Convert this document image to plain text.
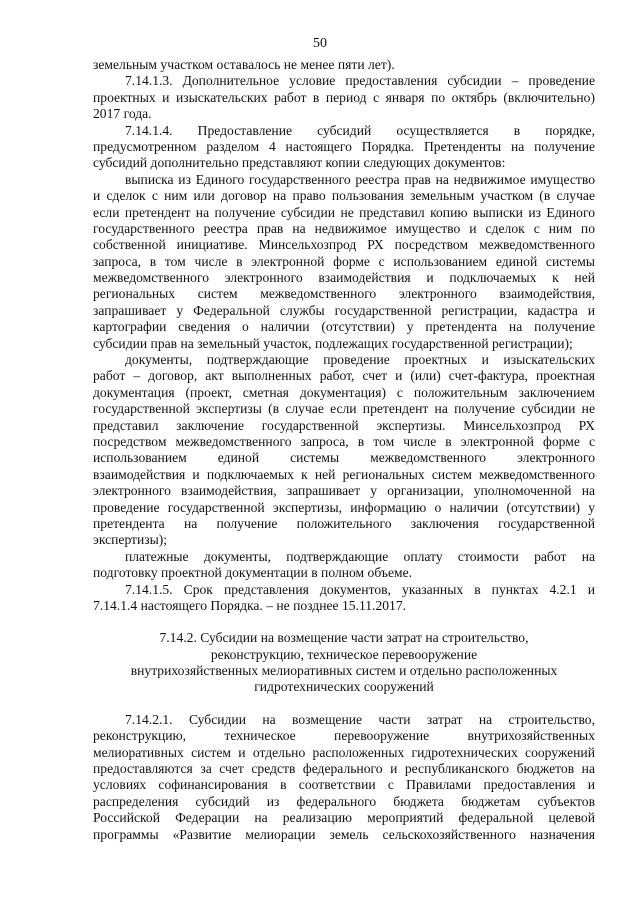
50
земельным участком оставалось не менее пяти лет).
7.14.1.3. Дополнительное условие предоставления субсидии – проведение
проектных и изыскательских работ в период с января по октябрь (включительно)
2017 года.
7.14.1.4. Предоставление субсидий осуществляется в порядке,
предусмотренном разделом 4 настоящего Порядка. Претенденты на получение
субсидий дополнительно представляют копии следующих документов:
выписка из Единого государственного реестра прав на недвижимое имущество
и сделок с ним или договор на право пользования земельным участком (в случае
если претендент на получение субсидии не представил копию выписки из Единого
государственного реестра прав на недвижимое имущество и сделок с ним по
собственной инициативе. Минсельхозпрод РХ посредством межведомственного
запроса, в том числе в электронной форме с использованием единой системы
межведомственного электронного взаимодействия и подключаемых к ней
региональных систем межведомственного электронного взаимодействия,
запрашивает у Федеральной службы государственной регистрации, кадастра и
картографии сведения о наличии (отсутствии) у претендента на получение
субсидии прав на земельный участок, подлежащих государственной регистрации);
документы, подтверждающие проведение проектных и изыскательских
работ – договор, акт выполненных работ, счет и (или) счет-фактура, проектная
документация (проект, сметная документация) с положительным заключением
государственной экспертизы (в случае если претендент на получение субсидии не
представил заключение государственной экспертизы. Минсельхозпрод РХ
посредством межведомственного запроса, в том числе в электронной форме с
использованием единой системы межведомственного электронного
взаимодействия и подключаемых к ней региональных систем межведомственного
электронного взаимодействия, запрашивает у организации, уполномоченной на
проведение государственной экспертизы, информацию о наличии (отсутствии) у
претендента на получение положительного заключения государственной
экспертизы);
платежные документы, подтверждающие оплату стоимости работ на
подготовку проектной документации в полном объеме.
7.14.1.5. Срок представления документов, указанных в пунктах 4.2.1 и
7.14.1.4 настоящего Порядка. – не позднее 15.11.2017.
7.14.2. Субсидии на возмещение части затрат на строительство,
реконструкцию, техническое перевооружение
внутрихозяйственных мелиоративных систем и отдельно расположенных
гидротехнических сооружений
7.14.2.1. Субсидии на возмещение части затрат на строительство,
реконструкцию, техническое перевооружение внутрихозяйственных
мелиоративных систем и отдельно расположенных гидротехнических сооружений
предоставляются за счет средств федерального и республиканского бюджетов на
условиях софинансирования в соответствии с Правилами предоставления и
распределения субсидий из федерального бюджета бюджетам субъектов
Российской Федерации на реализацию мероприятий федеральной целевой
программы «Развитие мелиорации земель сельскохозяйственного назначения
